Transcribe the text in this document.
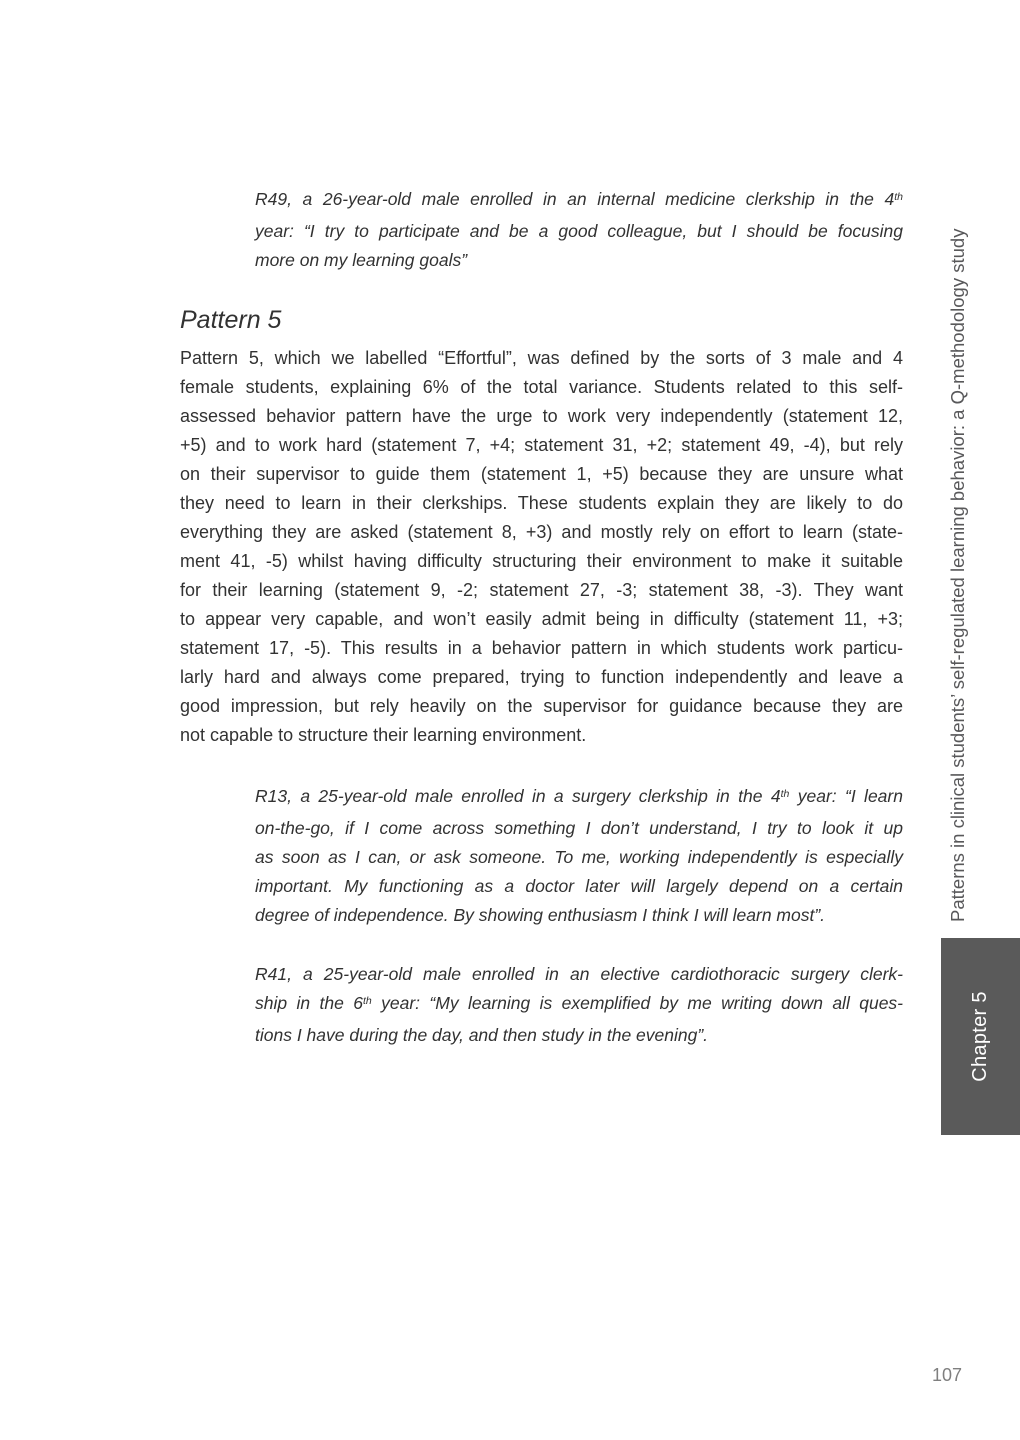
R49, a 26-year-old male enrolled in an internal medicine clerkship in the 4th
year: “I try to participate and be a good colleague, but I should be focusing
more on my learning goals”
Pattern 5
Pattern 5, which we labelled “Effortful”, was defined by the sorts of 3 male and 4
female students, explaining 6% of the total variance. Students related to this self-
assessed behavior pattern have the urge to work very independently (statement 12,
+5) and to work hard (statement 7, +4; statement 31, +2; statement 49, -4), but rely
on their supervisor to guide them (statement 1, +5) because they are unsure what
they need to learn in their clerkships. These students explain they are likely to do
everything they are asked (statement 8, +3) and mostly rely on effort to learn (state-
ment 41, -5) whilst having difficulty structuring their environment to make it suitable
for their learning (statement 9, -2; statement 27, -3; statement 38, -3). They want
to appear very capable, and won’t easily admit being in difficulty (statement 11, +3;
statement 17, -5). This results in a behavior pattern in which students work particu-
larly hard and always come prepared, trying to function independently and leave a
good impression, but rely heavily on the supervisor for guidance because they are
not capable to structure their learning environment.
R13, a 25-year-old male enrolled in a surgery clerkship in the 4th year: “I learn
on-the-go, if I come across something I don’t understand, I try to look it up
as soon as I can, or ask someone. To me, working independently is especially
important. My functioning as a doctor later will largely depend on a certain
degree of independence. By showing enthusiasm I think I will learn most”.
R41, a 25-year-old male enrolled in an elective cardiothoracic surgery clerk-
ship in the 6th year: “My learning is exemplified by me writing down all ques-
tions I have during the day, and then study in the evening”.
Patterns in clinical students’ self-regulated learning behavior: a Q-methodology study
Chapter 5
107
